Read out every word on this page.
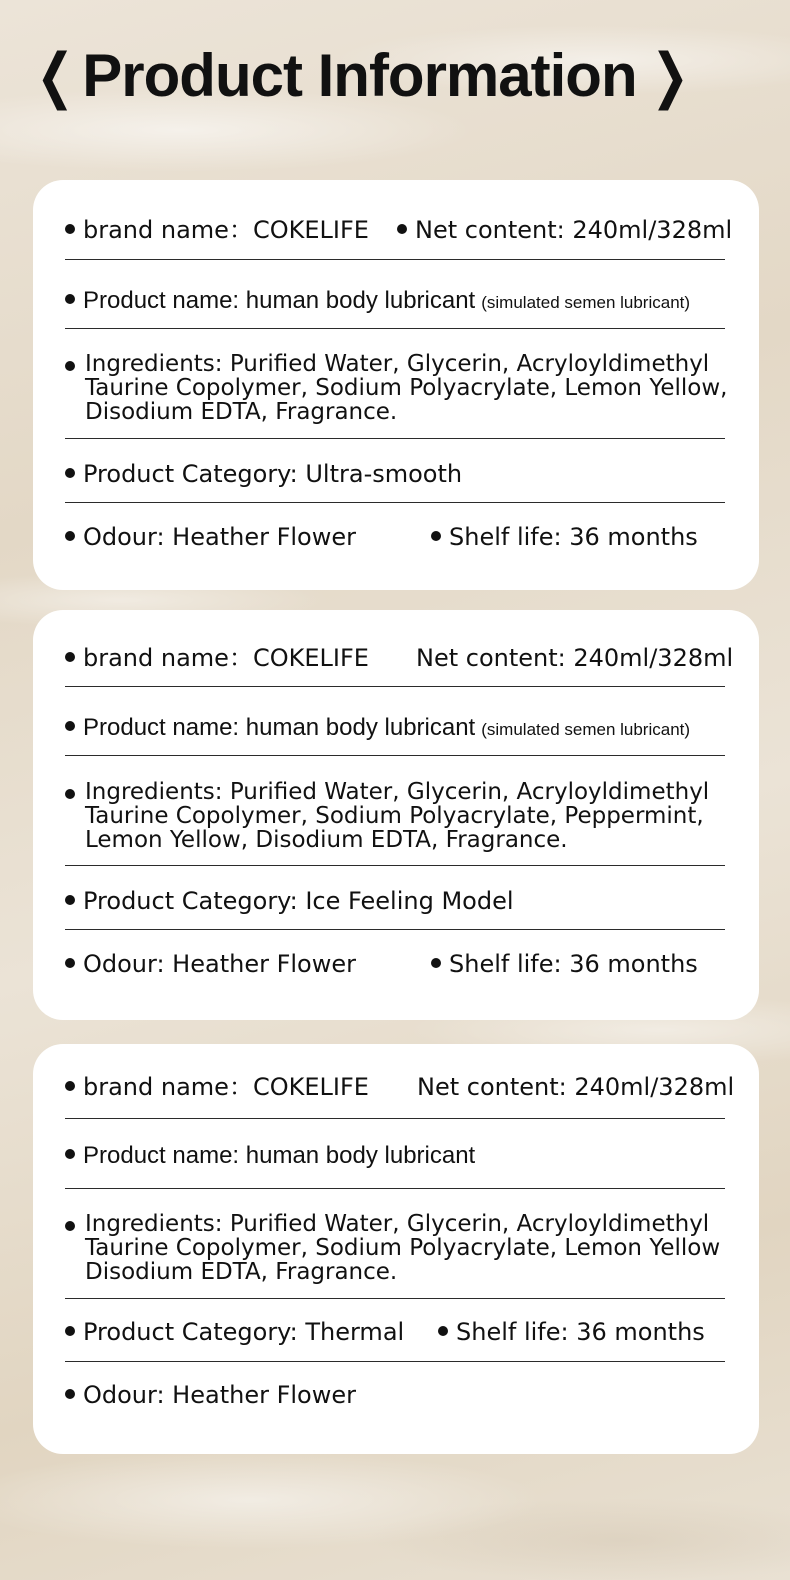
❮ Product Information ❯
brand name：COKELIFE	Net content: 240ml/328ml
Product name: human body lubricant (simulated semen lubricant)
Ingredients: Purified Water, Glycerin, Acryloyldimethyl Taurine Copolymer, Sodium Polyacrylate, Lemon Yellow, Disodium EDTA, Fragrance.
Product Category: Ultra-smooth
Odour: Heather Flower	Shelf life: 36 months
brand name：COKELIFE Net content: 240ml/328ml
Product name: human body lubricant (simulated semen lubricant)
Ingredients: Purified Water, Glycerin, Acryloyldimethyl Taurine Copolymer, Sodium Polyacrylate, Peppermint, Lemon Yellow, Disodium EDTA, Fragrance.
Product Category: Ice Feeling Model
Odour: Heather Flower	Shelf life: 36 months
brand name：COKELIFE Net content: 240ml/328ml
Product name: human body lubricant
Ingredients: Purified Water, Glycerin, Acryloyldimethyl Taurine Copolymer, Sodium Polyacrylate, Lemon Yellow Disodium EDTA, Fragrance.
Product Category: Thermal	Shelf life: 36 months
Odour: Heather Flower
